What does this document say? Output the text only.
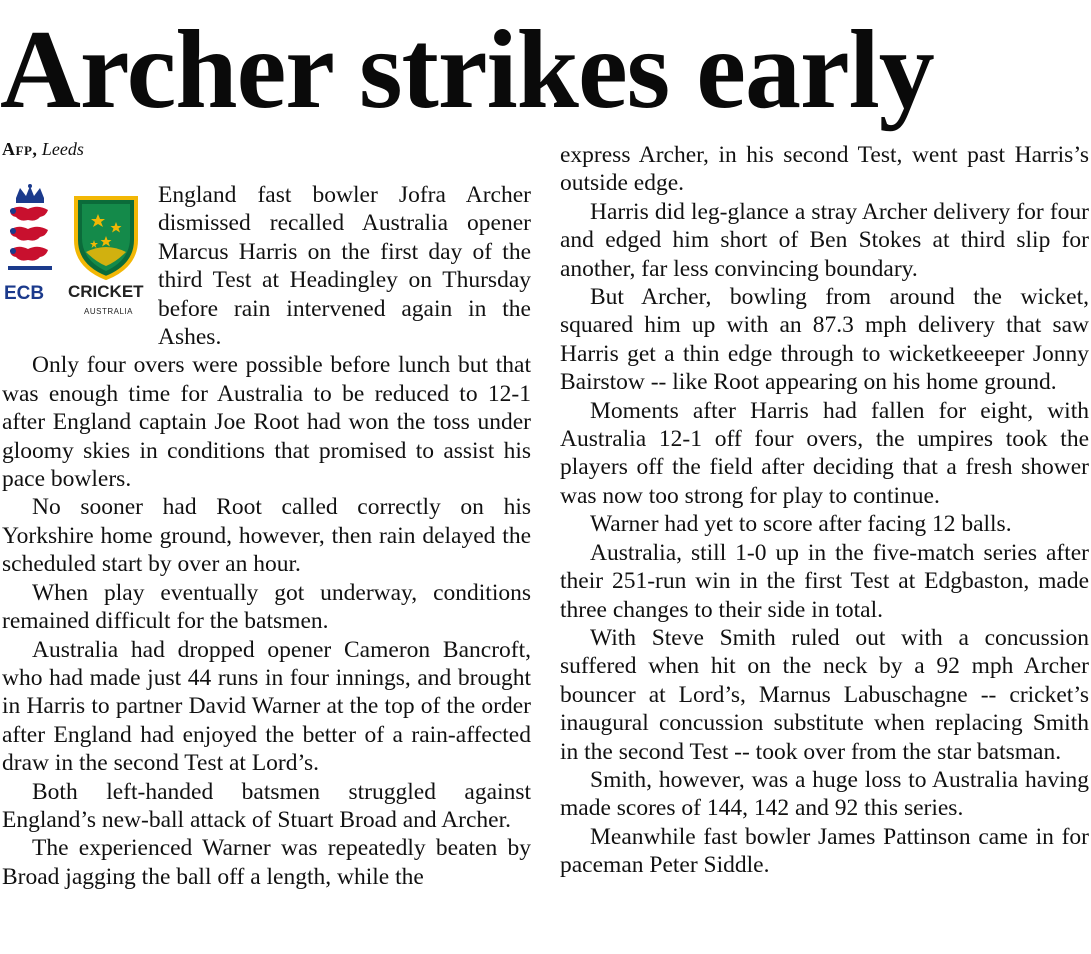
Archer strikes early
Afp, Leeds
ECB CRICKET
AUSTRALIA

England fast bowler Jofra Archer dismissed recalled Australia opener Marcus Harris on the first day of the third Test at Headingley on Thursday before rain intervened again in the Ashes.

Only four overs were possible before lunch but that was enough time for Australia to be reduced to 12-1 after England captain Joe Root had won the toss under gloomy skies in conditions that promised to assist his pace bowlers.

No sooner had Root called correctly on his Yorkshire home ground, however, then rain delayed the scheduled start by over an hour.

When play eventually got underway, conditions remained difficult for the batsmen.

Australia had dropped opener Cameron Bancroft, who had made just 44 runs in four innings, and brought in Harris to partner David Warner at the top of the order after England had enjoyed the better of a rain-affected draw in the second Test at Lord’s.

Both left-handed batsmen struggled against England’s new-ball attack of Stuart Broad and Archer.

The experienced Warner was repeatedly beaten by Broad jagging the ball off a length, while the

express Archer, in his second Test, went past Harris’s outside edge.

Harris did leg-glance a stray Archer delivery for four and edged him short of Ben Stokes at third slip for another, far less convincing boundary.

But Archer, bowling from around the wicket, squared him up with an 87.3 mph delivery that saw Harris get a thin edge through to wicketkeeeper Jonny Bairstow -- like Root appearing on his home ground.

Moments after Harris had fallen for eight, with Australia 12-1 off four overs, the umpires took the players off the field after deciding that a fresh shower was now too strong for play to continue.

Warner had yet to score after facing 12 balls.

Australia, still 1-0 up in the five-match series after their 251-run win in the first Test at Edgbaston, made three changes to their side in total.

With Steve Smith ruled out with a concussion suffered when hit on the neck by a 92 mph Archer bouncer at Lord’s, Marnus Labuschagne -- cricket’s inaugural concussion substitute when replacing Smith in the second Test -- took over from the star batsman.

Smith, however, was a huge loss to Australia having made scores of 144, 142 and 92 this series.

Meanwhile fast bowler James Pattinson came in for paceman Peter Siddle.
